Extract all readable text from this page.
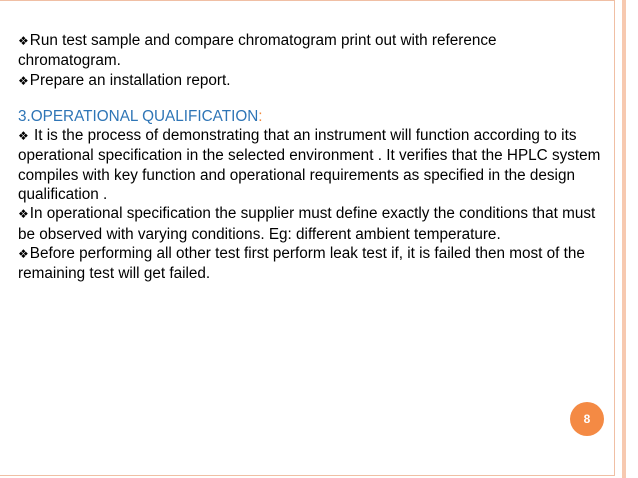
❖ Run test sample and compare chromatogram print out with reference chromatogram.

❖ Prepare an installation report.

3.OPERATIONAL QUALIFICATION:

❖ It is the process of demonstrating that an instrument will function according to its operational specification in the selected environment . It verifies that the HPLC system compiles with key function and operational requirements as specified in the design qualification .

❖ In operational specification the supplier must define exactly the conditions that must be observed with varying conditions. Eg: different ambient temperature.

❖ Before performing all other test first perform leak test if, it is failed then most of the remaining test will get failed.

8
